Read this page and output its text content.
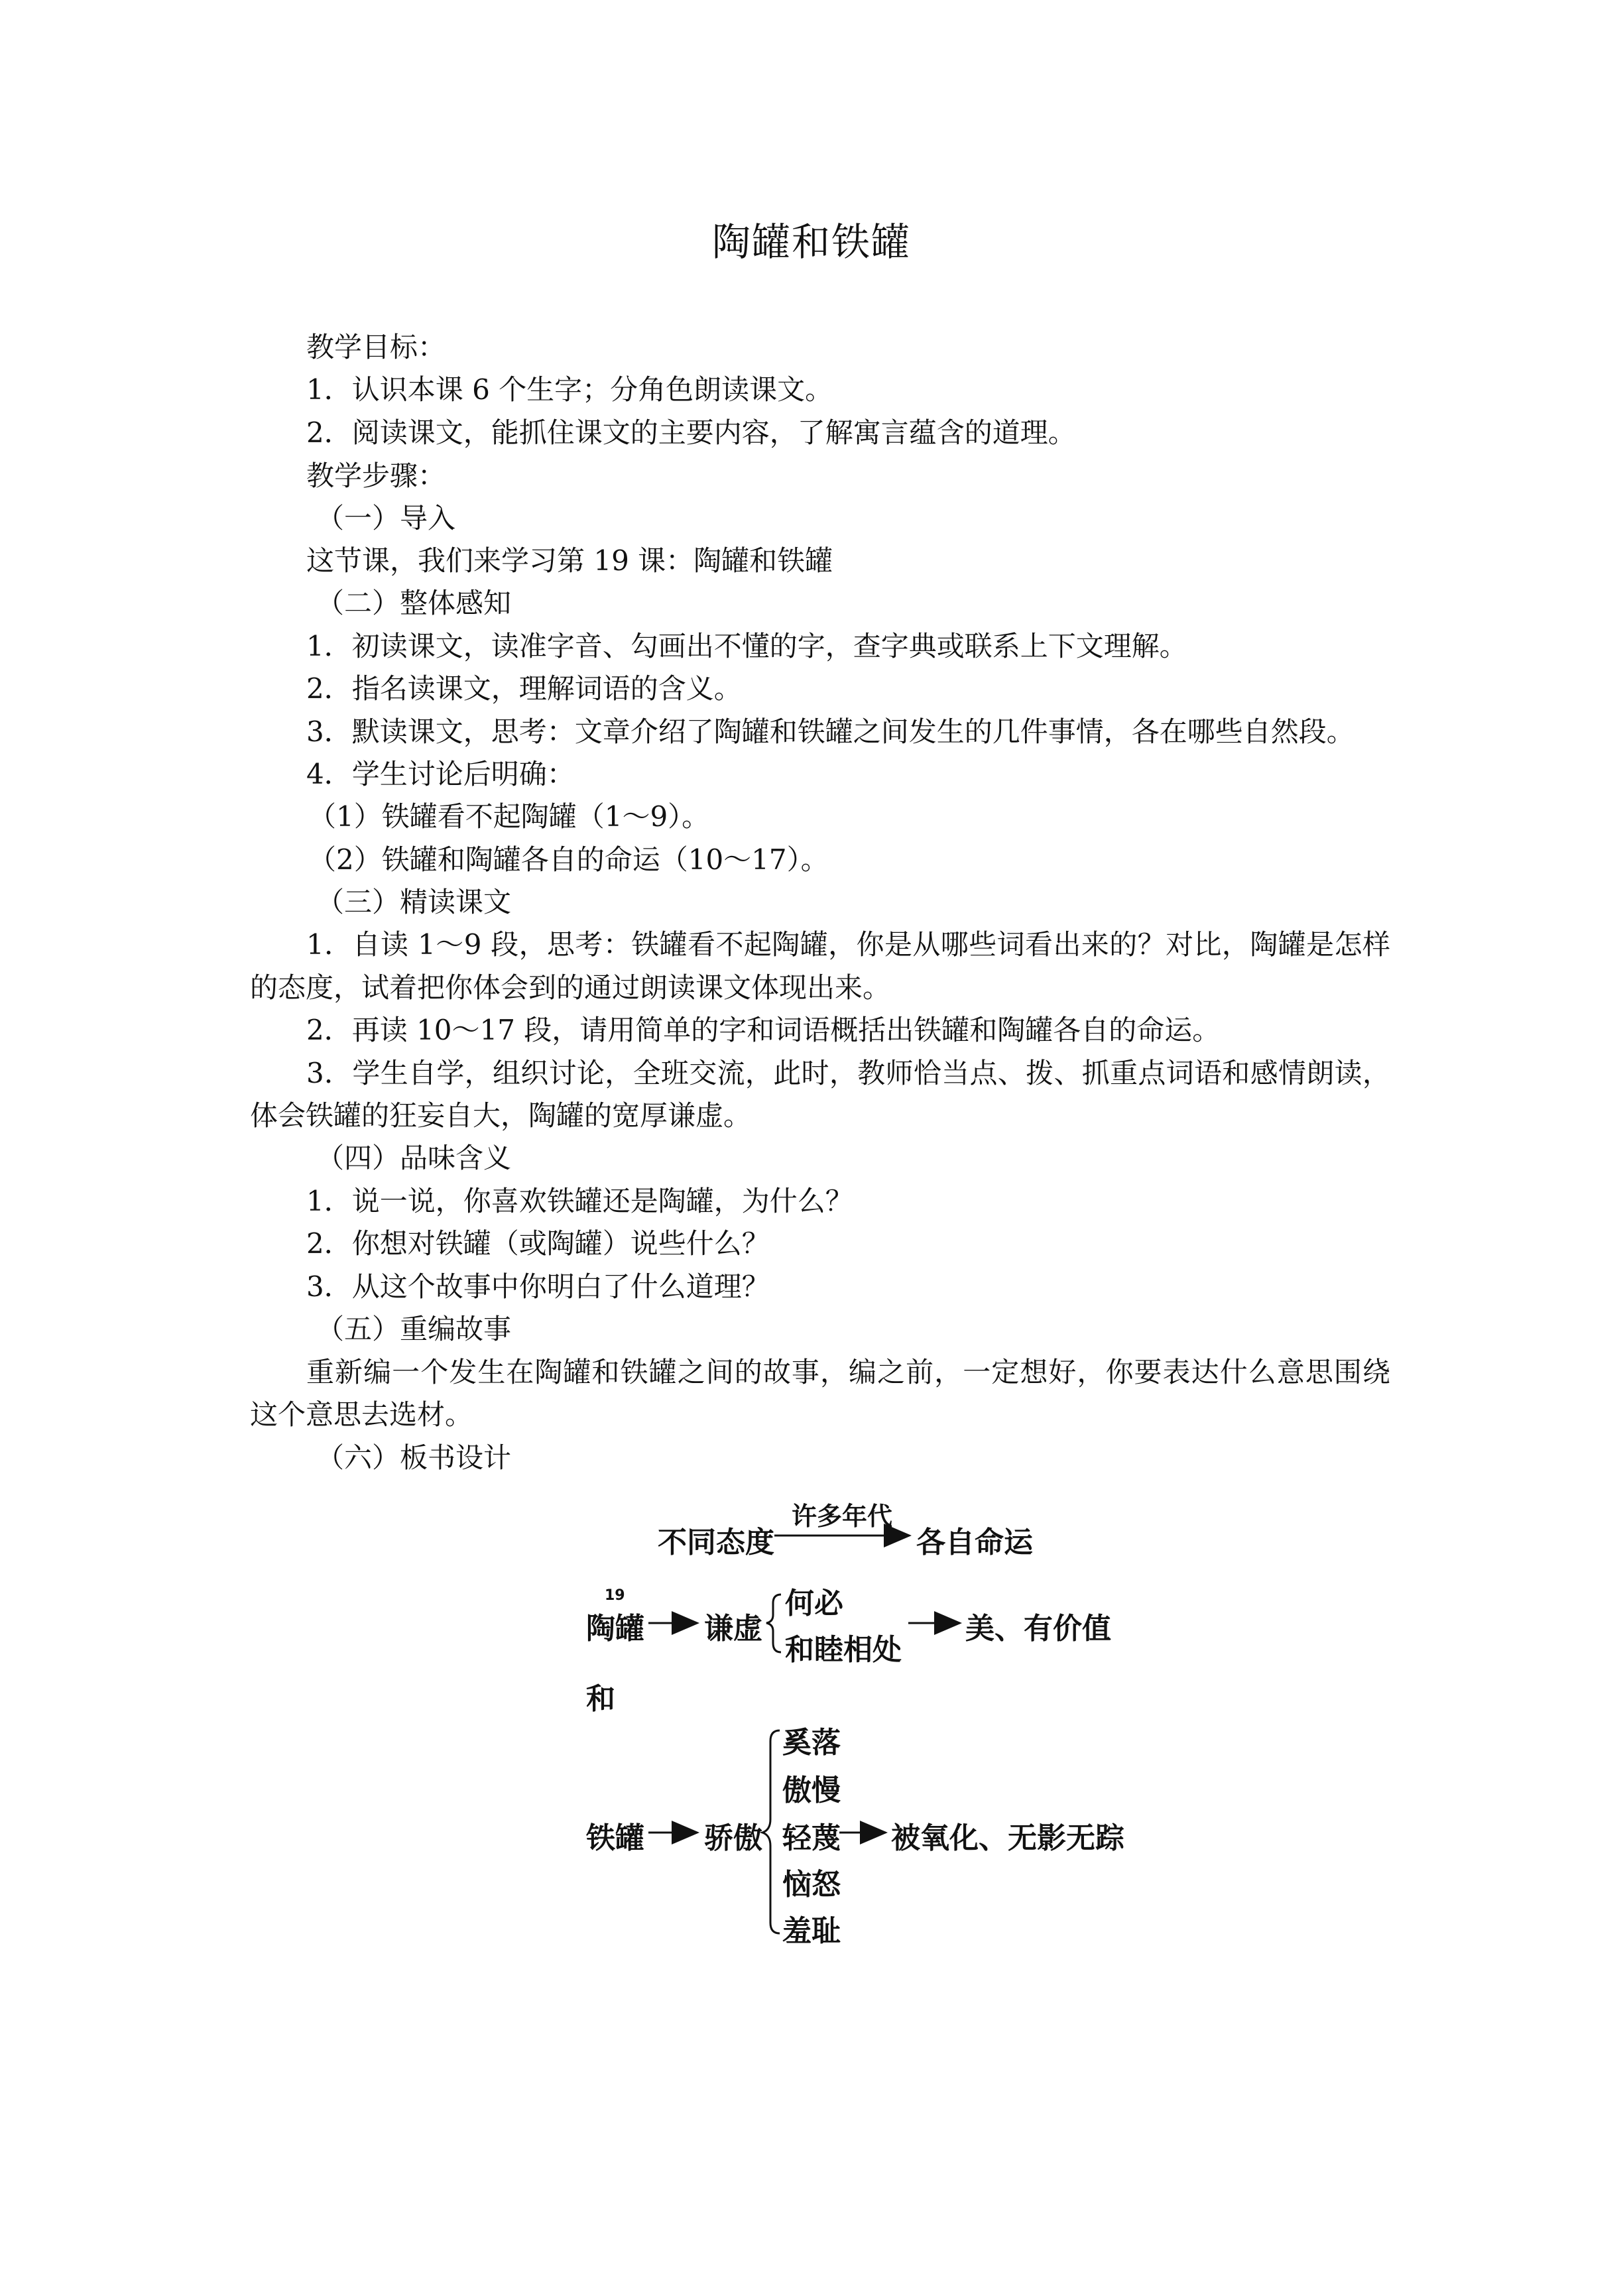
陶罐和铁罐
教学目标：
1．认识本课 6 个生字；分角色朗读课文。
2．阅读课文，能抓住课文的主要内容，了解寓言蕴含的道理。
教学步骤：
（一）导入
这节课，我们来学习第 19 课：陶罐和铁罐
（二）整体感知
1．初读课文，读准字音、勾画出不懂的字，查字典或联系上下文理解。
2．指名读课文，理解词语的含义。
3．默读课文，思考：文章介绍了陶罐和铁罐之间发生的几件事情，各在哪些自然段。
4．学生讨论后明确：
（1）铁罐看不起陶罐（1～9）。
（2）铁罐和陶罐各自的命运（10～17）。
（三）精读课文
1．自读 1～9 段，思考：铁罐看不起陶罐，你是从哪些词看出来的？对比，陶罐是怎样
的态度，试着把你体会到的通过朗读课文体现出来。
2．再读 10～17 段，请用简单的字和词语概括出铁罐和陶罐各自的命运。
3．学生自学，组织讨论，全班交流，此时，教师恰当点、拨、抓重点词语和感情朗读，
体会铁罐的狂妄自大，陶罐的宽厚谦虚。
（四）品味含义
1．说一说，你喜欢铁罐还是陶罐，为什么？
2．你想对铁罐（或陶罐）说些什么？
3．从这个故事中你明白了什么道理？
（五）重编故事
重新编一个发生在陶罐和铁罐之间的故事，编之前，一定想好，你要表达什么意思围绕
这个意思去选材。
（六）板书设计
不同态度
许多年代
各自命运
19
陶罐 谦虚
何必
和睦相处
美、有价值
和
铁罐 骄傲
奚落
傲慢
轻蔑
恼怒
羞耻
被氧化、无影无踪
